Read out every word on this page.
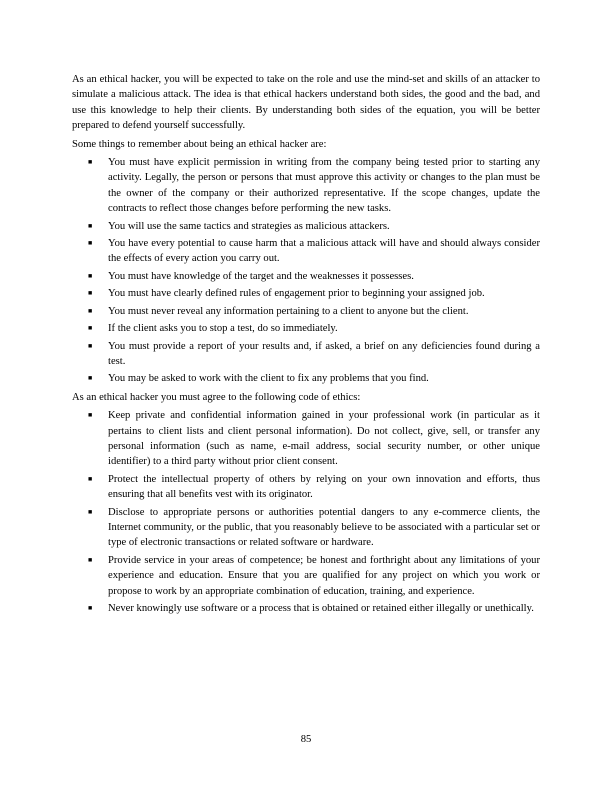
As an ethical hacker, you will be expected to take on the role and use the mind-set and skills of an attacker to simulate a malicious attack. The idea is that ethical hackers understand both sides, the good and the bad, and use this knowledge to help their clients. By understanding both sides of the equation, you will be better prepared to defend yourself successfully.

Some things to remember about being an ethical hacker are:

■ You must have explicit permission in writing from the company being tested prior to starting any activity. Legally, the person or persons that must approve this activity or changes to the plan must be the owner of the company or their authorized representative. If the scope changes, update the contracts to reflect those changes before performing the new tasks.
■ You will use the same tactics and strategies as malicious attackers.
■ You have every potential to cause harm that a malicious attack will have and should always consider the effects of every action you carry out.
■ You must have knowledge of the target and the weaknesses it possesses.
■ You must have clearly defined rules of engagement prior to beginning your assigned job.
■ You must never reveal any information pertaining to a client to anyone but the client.
■ If the client asks you to stop a test, do so immediately.
■ You must provide a report of your results and, if asked, a brief on any deficiencies found during a test.
■ You may be asked to work with the client to fix any problems that you find.

As an ethical hacker you must agree to the following code of ethics:

■ Keep private and confidential information gained in your professional work (in particular as it pertains to client lists and client personal information). Do not collect, give, sell, or transfer any personal information (such as name, e-mail address, social security number, or other unique identifier) to a third party without prior client consent.
■ Protect the intellectual property of others by relying on your own innovation and efforts, thus ensuring that all benefits vest with its originator.
■ Disclose to appropriate persons or authorities potential dangers to any e-commerce clients, the Internet community, or the public, that you reasonably believe to be associated with a particular set or type of electronic transactions or related software or hardware.
■ Provide service in your areas of competence; be honest and forthright about any limitations of your experience and education. Ensure that you are qualified for any project on which you work or propose to work by an appropriate combination of education, training, and experience.
■ Never knowingly use software or a process that is obtained or retained either illegally or unethically.
85
